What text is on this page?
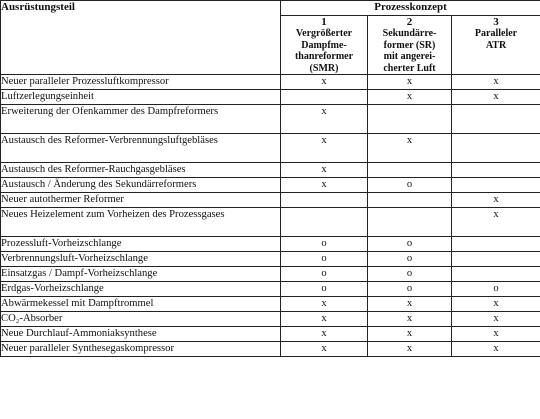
Ausrüstungsteil	Prozesskonzept		

	1
Vergrößerter
Dampfme-
thanreformer
(SMR)	2
Sekundärre-
former (SR)
mit angerei-
cherter Luft	3
Paralleler
ATR

Neuer paralleler Prozessluftkompressor	x	x	x
Luftzerlegungseinheit		x	x
Erweiterung der Ofenkammer des Dampfreformers	x		
Austausch des Reformer-Verbrennungsluftgebläses	x	x	
Austausch des Reformer-Rauchgasgebläses	x		
Austausch / Änderung des Sekundärreformers	x	o	
Neuer autothermer Reformer			x
Neues Heizelement zum Vorheizen des Prozessgases			x
Prozessluft-Vorheizschlange	o	o	
Verbrennungsluft-Vorheizschlange	o	o	
Einsatzgas / Dampf-Vorheizschlange	o	o	
Erdgas-Vorheizschlange	o	o	o
Abwärmekessel mit Dampftrommel	x	x	x
CO₂-Absorber	x	x	x
Neue Durchlauf-Ammoniaksynthese	x	x	x
Neuer paralleler Synthesegaskompressor	x	x	x
